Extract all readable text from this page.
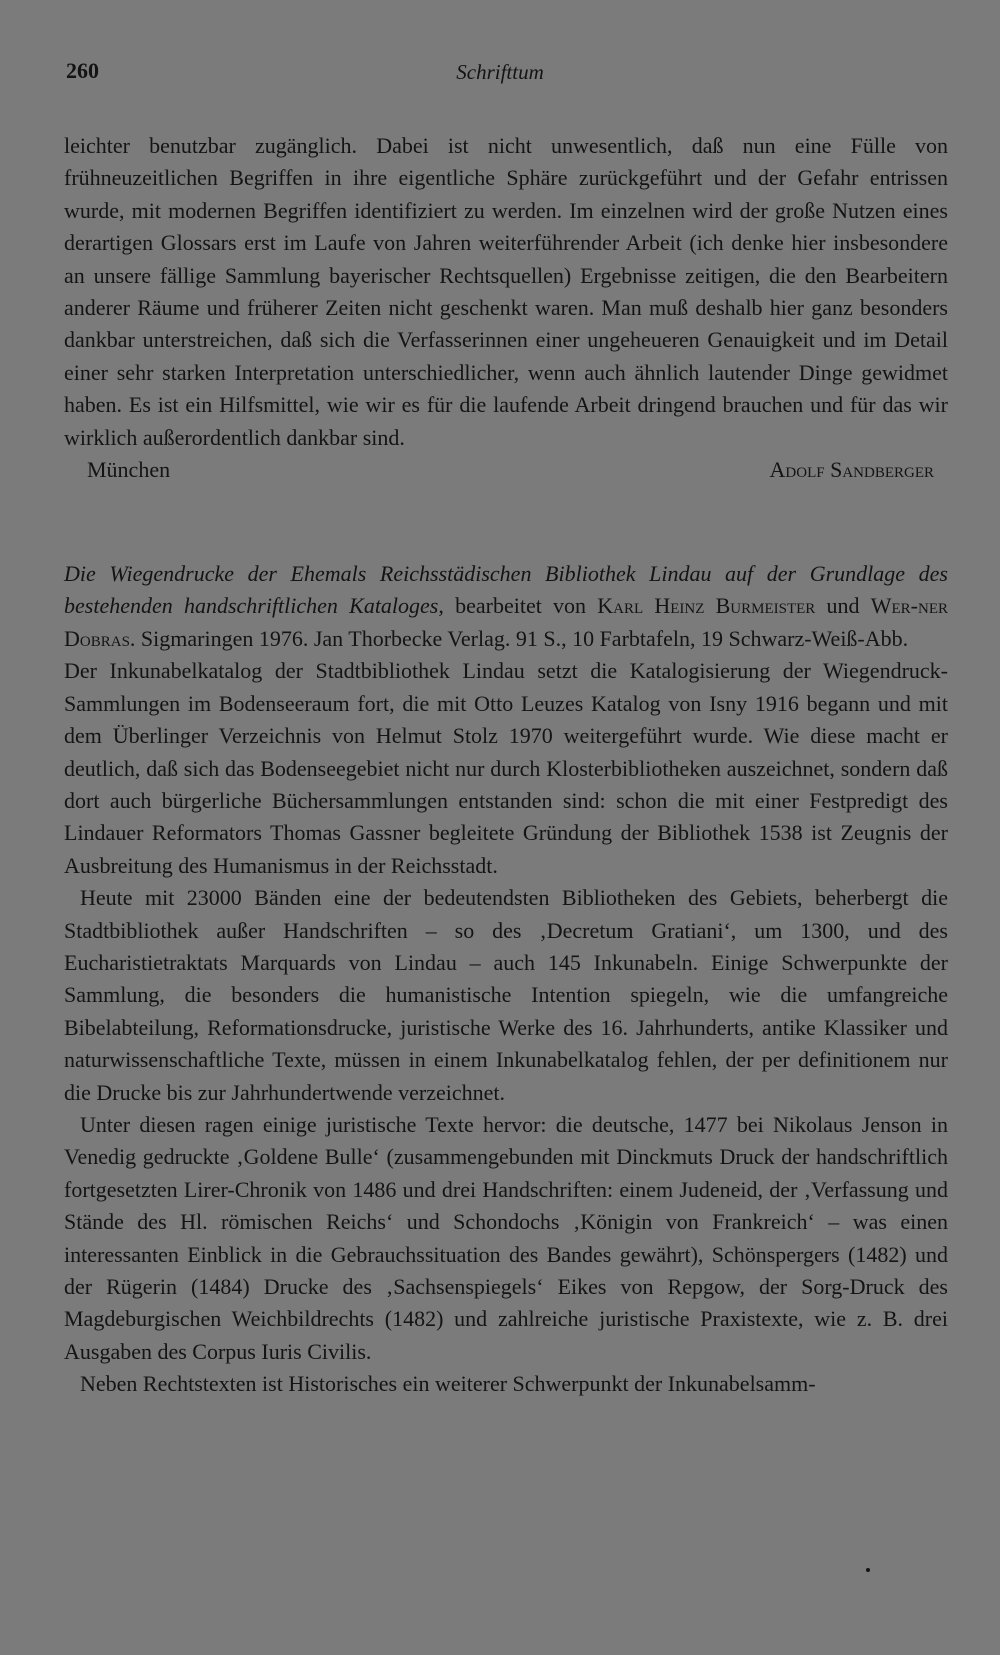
260	Schrifttum

leichter benutzbar zugänglich. Dabei ist nicht unwesentlich, daß nun eine Fülle von frühneuzeitlichen Begriffen in ihre eigentliche Sphäre zurückgeführt und der Gefahr entrissen wurde, mit modernen Begriffen identifiziert zu werden. Im einzelnen wird der große Nutzen eines derartigen Glossars erst im Laufe von Jahren weiterführender Arbeit (ich denke hier insbesondere an unsere fällige Sammlung bayerischer Rechtsquellen) Ergebnisse zeitigen, die den Bearbeitern anderer Räume und früherer Zeiten nicht geschenkt waren. Man muß deshalb hier ganz besonders dankbar unterstreichen, daß sich die Verfasserinnen einer ungeheueren Genauigkeit und im Detail einer sehr starken Interpretation unterschiedlicher, wenn auch ähnlich lautender Dinge gewidmet haben. Es ist ein Hilfsmittel, wie wir es für die laufende Arbeit dringend brauchen und für das wir wirklich außerordentlich dankbar sind.

München	Adolf Sandberger
Die Wiegendrucke der Ehemals Reichsstädischen Bibliothek Lindau auf der Grundlage des bestehenden handschriftlichen Kataloges, bearbeitet von Karl Heinz Burmeister und Wer-ner Dobras. Sigmaringen 1976. Jan Thorbecke Verlag. 91 S., 10 Farbtafeln, 19 Schwarz-Weiß-Abb.

Der Inkunabelkatalog der Stadtbibliothek Lindau setzt die Katalogisierung der Wiegendruck-Sammlungen im Bodenseeraum fort, die mit Otto Leuzes Katalog von Isny 1916 begann und mit dem Überlinger Verzeichnis von Helmut Stolz 1970 weitergeführt wurde. Wie diese macht er deutlich, daß sich das Bodenseegebiet nicht nur durch Klosterbibliotheken auszeichnet, sondern daß dort auch bürgerliche Büchersammlungen entstanden sind: schon die mit einer Festpredigt des Lindauer Reformators Thomas Gassner begleitete Gründung der Bibliothek 1538 ist Zeugnis der Ausbreitung des Humanismus in der Reichsstadt.

Heute mit 23000 Bänden eine der bedeutendsten Bibliotheken des Gebiets, beherbergt die Stadtbibliothek außer Handschriften – so des ‚Decretum Gratiani‘, um 1300, und des Eucharistietraktats Marquards von Lindau – auch 145 Inkunabeln. Einige Schwerpunkte der Sammlung, die besonders die humanistische Intention spiegeln, wie die umfangreiche Bibelabteilung, Reformationsdrucke, juristische Werke des 16. Jahrhunderts, antike Klassiker und naturwissenschaftliche Texte, müssen in einem Inkunabelkatalog fehlen, der per definitionem nur die Drucke bis zur Jahrhundertwende verzeichnet.

Unter diesen ragen einige juristische Texte hervor: die deutsche, 1477 bei Nikolaus Jenson in Venedig gedruckte ‚Goldene Bulle‘ (zusammengebunden mit Dinckmuts Druck der handschriftlich fortgesetzten Lirer-Chronik von 1486 und drei Handschriften: einem Judeneid, der ‚Verfassung und Stände des Hl. römischen Reichs‘ und Schondochs ‚Königin von Frankreich‘ – was einen interessanten Einblick in die Gebrauchssituation des Bandes gewährt), Schönspergers (1482) und der Rügerin (1484) Drucke des ‚Sachsenspiegels‘ Eikes von Repgow, der Sorg-Druck des Magdeburgischen Weichbildrechts (1482) und zahlreiche juristische Praxistexte, wie z. B. drei Ausgaben des Corpus Iuris Civilis.

Neben Rechtstexten ist Historisches ein weiterer Schwerpunkt der Inkunabelsamm-
